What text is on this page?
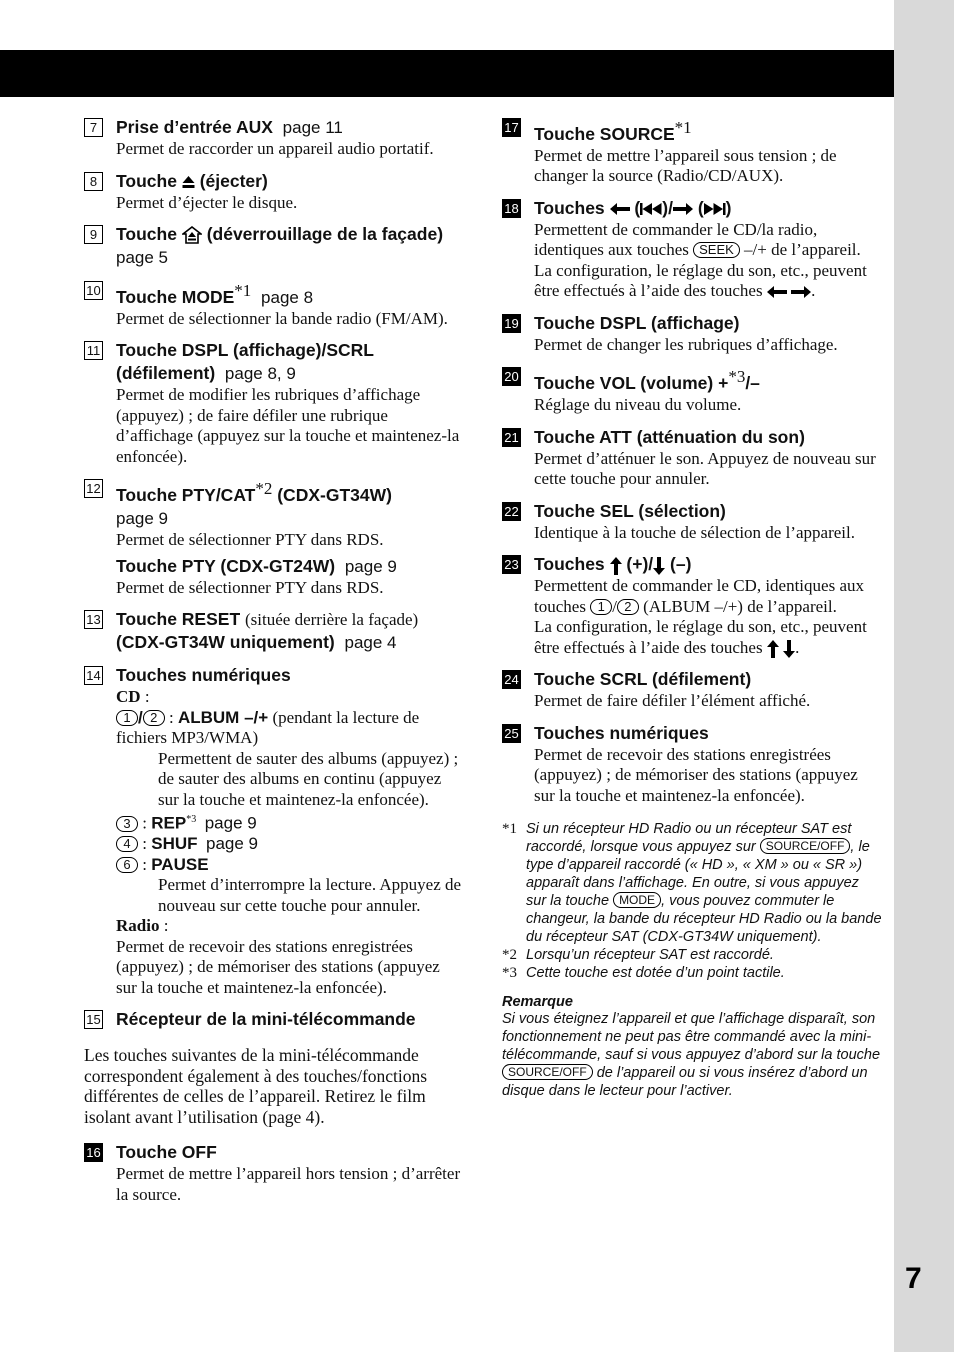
7
7	Prise d’entrée AUX page 11
Permet de raccorder un appareil audio portatif.
8	Touche (éjecter)
Permet d’éjecter le disque.
9	Touche (déverrouillage de la façade)  page 5
10 Touche MODE$^{*1}$ page 8
Permet de sélectionner la bande radio (FM/AM).
11 Touche DSPL (affichage)/SCRL (défilement) page 8, 9
Permet de modifier les rubriques d’affichage (appuyez) ; de faire défiler une rubrique d’affichage (appuyez sur la touche et maintenez-la enfoncée).
12 Touche PTY/CAT$^{*2}$ (CDX-GT34W)
page 9
Permet de sélectionner PTY dans RDS.
Touche PTY (CDX-GT24W) page 9
Permet de sélectionner PTY dans RDS.
13 Touche RESET (située derrière la façade)
(CDX-GT34W uniquement) page 4
14 Touches numériques
CD :
1 / 2 : ALBUM –/+ (pendant la lecture de fichiers MP3/WMA)
Permettent de sauter des albums (appuyez) ; de sauter des albums en continu (appuyez sur la touche et maintenez-la enfoncée).
3 : REP$^{*3}$ page 9
4 : SHUF page 9
6 : PAUSE
Permet d’interrompre la lecture. Appuyez de nouveau sur cette touche pour annuler.
Radio :
Permet de recevoir des stations enregistrées (appuyez) ; de mémoriser des stations (appuyez sur la touche et maintenez-la enfoncée).
15 Récepteur de la mini-télécommande
Les touches suivantes de la mini-télécommande correspondent également à des touches/fonctions différentes de celles de l’appareil. Retirez le film isolant avant l’utilisation (page 4).
16 Touche OFF
Permet de mettre l’appareil hors tension ; d’arrêter la source.
17 Touche SOURCE$^{*1}$
Permet de mettre l’appareil sous tension ; de changer la source (Radio/CD/AUX).
18 Touches  ( )/ ( )
Permettent de commander le CD/la radio, identiques aux touches SEEK –/+ de l’appareil.
La configuration, le réglage du son, etc., peuvent être effectués à l’aide des touches	.
19 Touche DSPL (affichage)
Permet de changer les rubriques d’affichage.
20 Touche VOL (volume) +$^{*3}$/–
Réglage du niveau du volume.
21 Touche ATT (atténuation du son)
Permet d’atténuer le son. Appuyez de nouveau sur cette touche pour annuler.
22 Touche SEL (sélection)
Identique à la touche de sélection de l’appareil.
23 Touches (+)/ (–)
Permettent de commander le CD, identiques aux touches 1 / 2 (ALBUM –/+) de l’appareil.
La configuration, le réglage du son, etc., peuvent être effectués à l’aide des touches .
24 Touche SCRL (défilement)
Permet de faire défiler l’élément affiché.
25 Touches numériques
Permet de recevoir des stations enregistrées (appuyez) ; de mémoriser des stations (appuyez sur la touche et maintenez-la enfoncée).
*1 Si un récepteur HD Radio ou un récepteur SAT est raccordé, lorsque vous appuyez sur SOURCE/OFF , le type d’appareil raccordé (« HD », « XM » ou « SR ») apparaît dans l’affichage. En outre, si vous appuyez sur la touche MODE , vous pouvez commuter le changeur, la bande du récepteur HD Radio ou la bande du récepteur SAT (CDX-GT34W uniquement).
*2 Lorsqu’un récepteur SAT est raccordé.
*3 Cette touche est dotée d’un point tactile.
Remarque
Si vous éteignez l’appareil et que l’affichage disparaît, son fonctionnement ne peut pas être commandé avec la mini-télécommande, sauf si vous appuyez d’abord sur la touche SOURCE/OFF de l’appareil ou si vous insérez d’abord un disque dans le lecteur pour l’activer.
